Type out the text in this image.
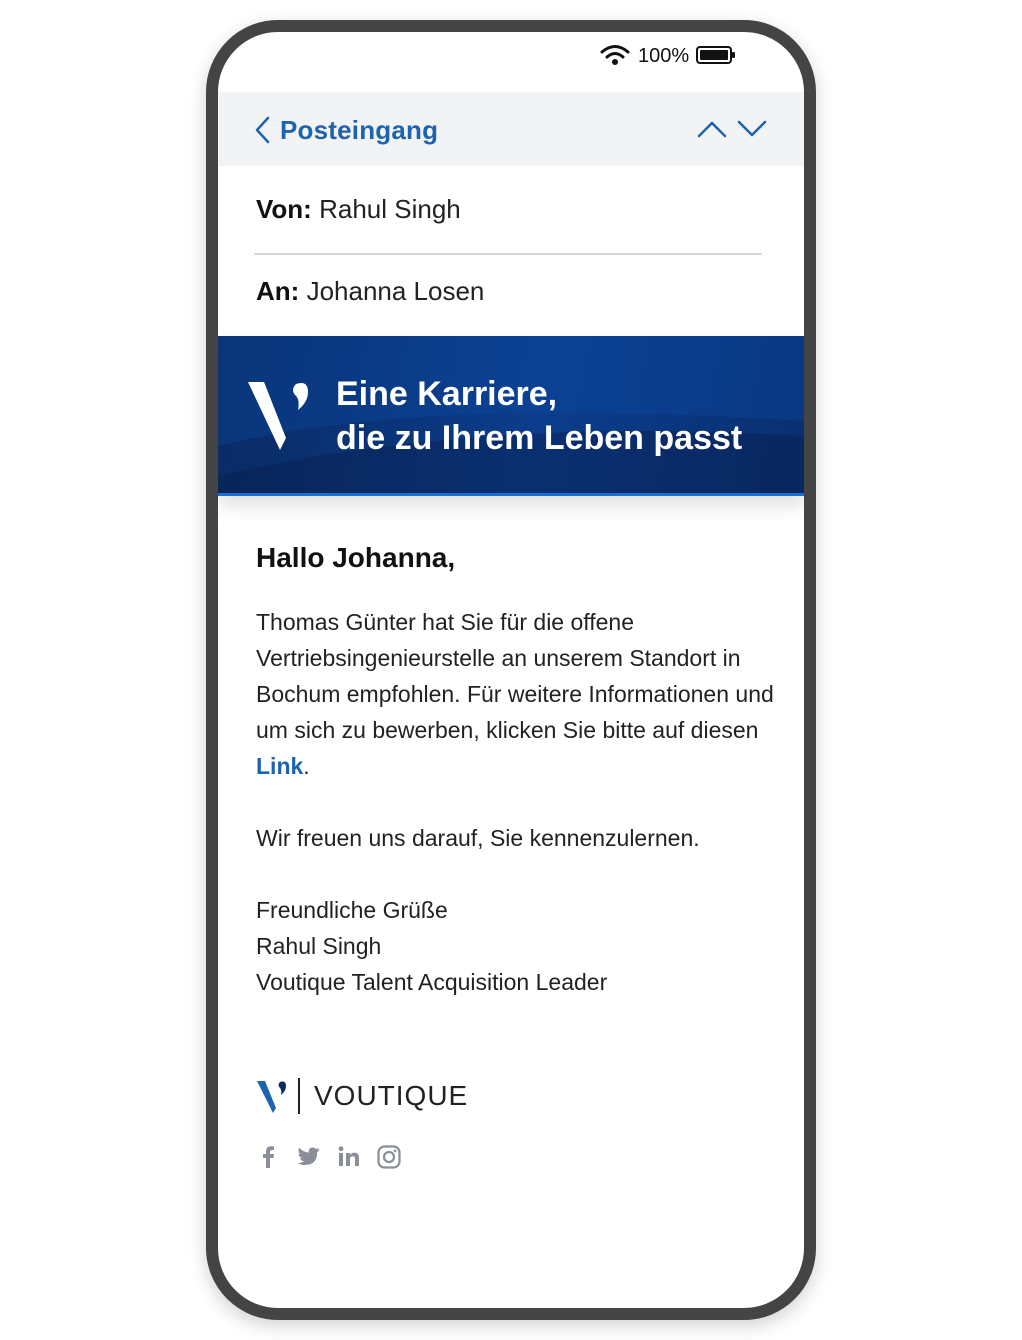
100%
Posteingang
Von: Rahul Singh
An: Johanna Losen
Eine Karriere,
die zu Ihrem Leben passt
Hallo Johanna,

Thomas Günter hat Sie für die offene Vertriebsingenieurstelle an unserem Standort in Bochum empfohlen. Für weitere Informationen und um sich zu bewerben, klicken Sie bitte auf diesen Link.

Wir freuen uns darauf, Sie kennenzulernen.

Freundliche Grüße

Rahul Singh

Voutique Talent Acquisition Leader

VOUTIQUE
